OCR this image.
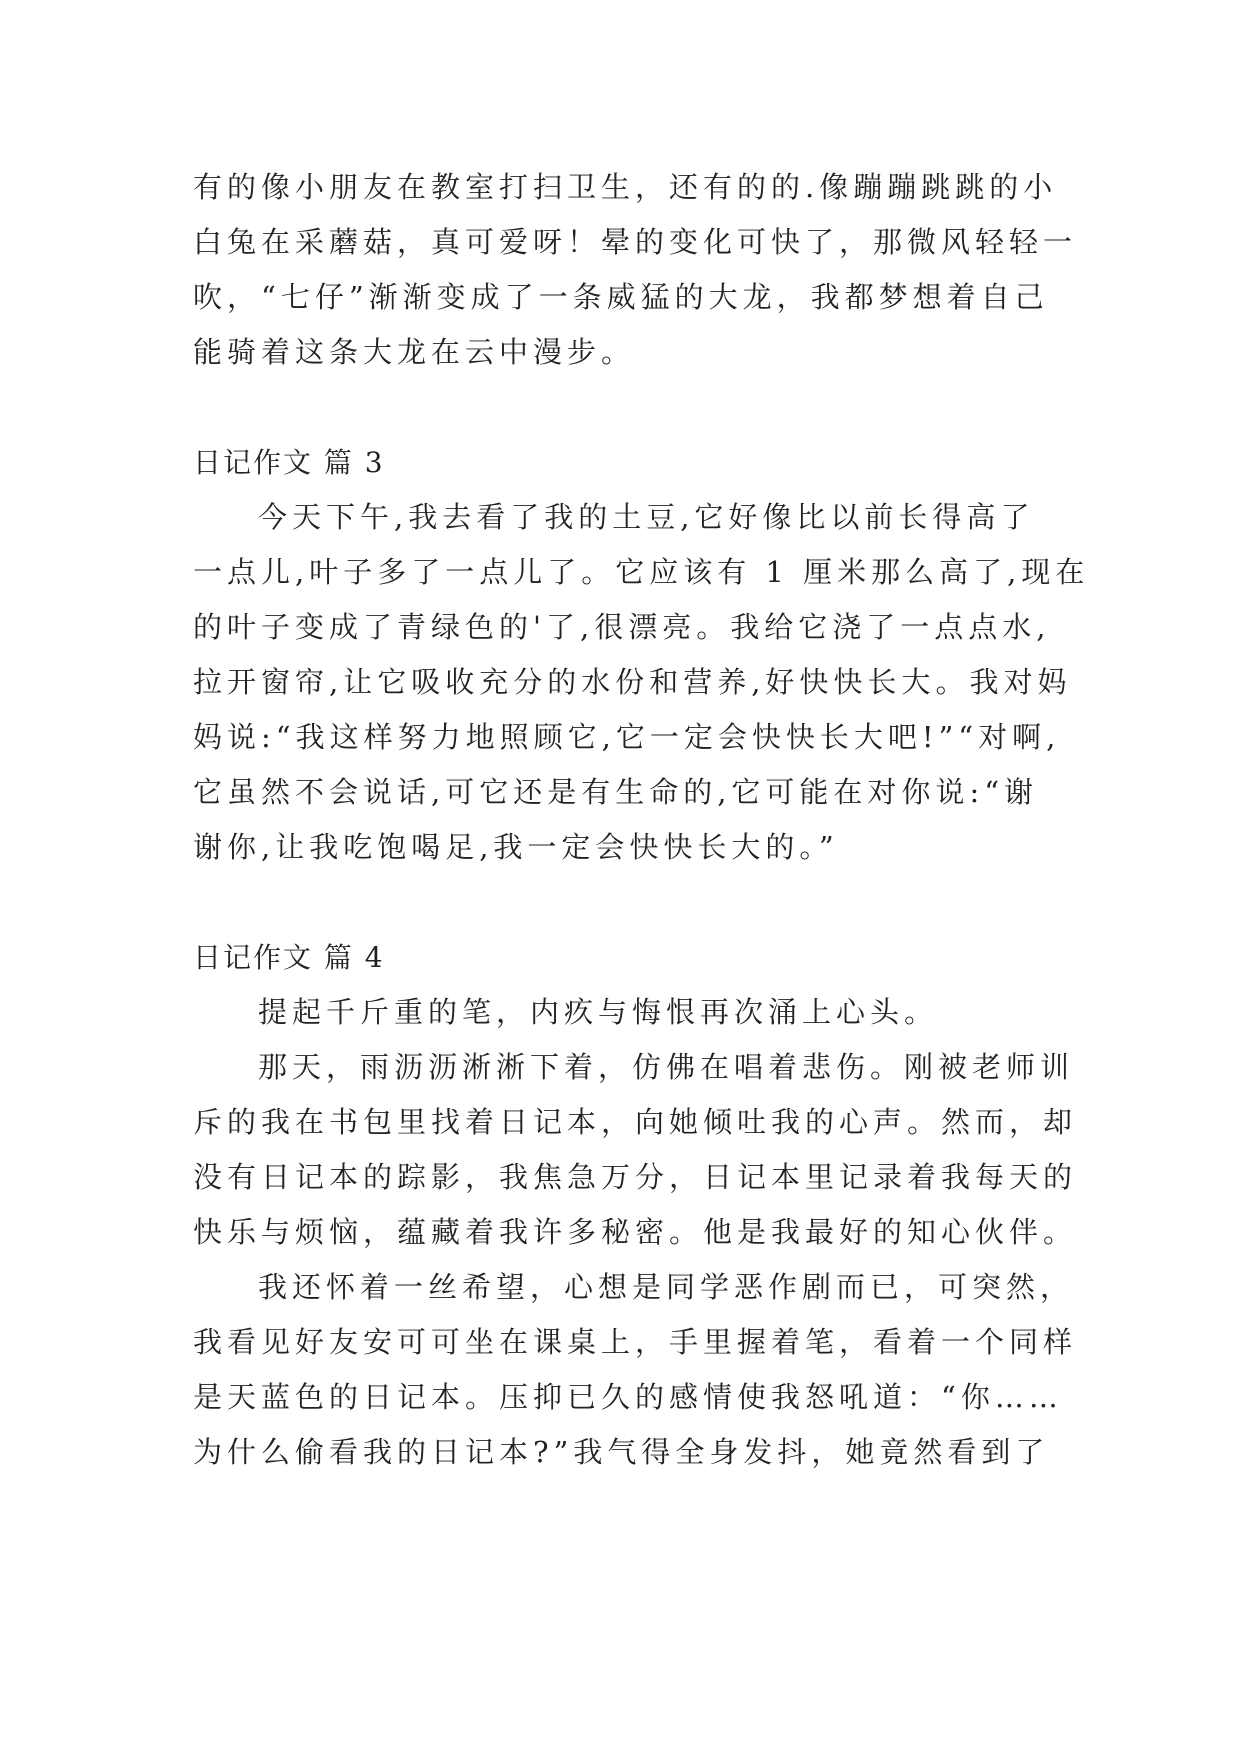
有的像小朋友在教室打扫卫生，还有的的.像蹦蹦跳跳的小
白兔在采蘑菇，真可爱呀！晕的变化可快了，那微风轻轻一
吹，“七仔”渐渐变成了一条威猛的大龙，我都梦想着自己
能骑着这条大龙在云中漫步。
日记作文 篇 3
今天下午,我去看了我的土豆,它好像比以前长得高了
一点儿,叶子多了一点儿了。它应该有 1 厘米那么高了,现在
的叶子变成了青绿色的'了,很漂亮。我给它浇了一点点水,
拉开窗帘,让它吸收充分的水份和营养,好快快长大。我对妈
妈说:“我这样努力地照顾它,它一定会快快长大吧!”“对啊,
它虽然不会说话,可它还是有生命的,它可能在对你说:“谢
谢你,让我吃饱喝足,我一定会快快长大的。”
日记作文 篇 4
提起千斤重的笔，内疚与悔恨再次涌上心头。
那天，雨沥沥淅淅下着，仿佛在唱着悲伤。刚被老师训
斥的我在书包里找着日记本，向她倾吐我的心声。然而，却
没有日记本的踪影，我焦急万分，日记本里记录着我每天的
快乐与烦恼，蕴藏着我许多秘密。他是我最好的知心伙伴。
我还怀着一丝希望，心想是同学恶作剧而已，可突然，
我看见好友安可可坐在课桌上，手里握着笔，看着一个同样
是天蓝色的日记本。压抑已久的感情使我怒吼道：“你……
为什么偷看我的日记本?”我气得全身发抖，她竟然看到了
